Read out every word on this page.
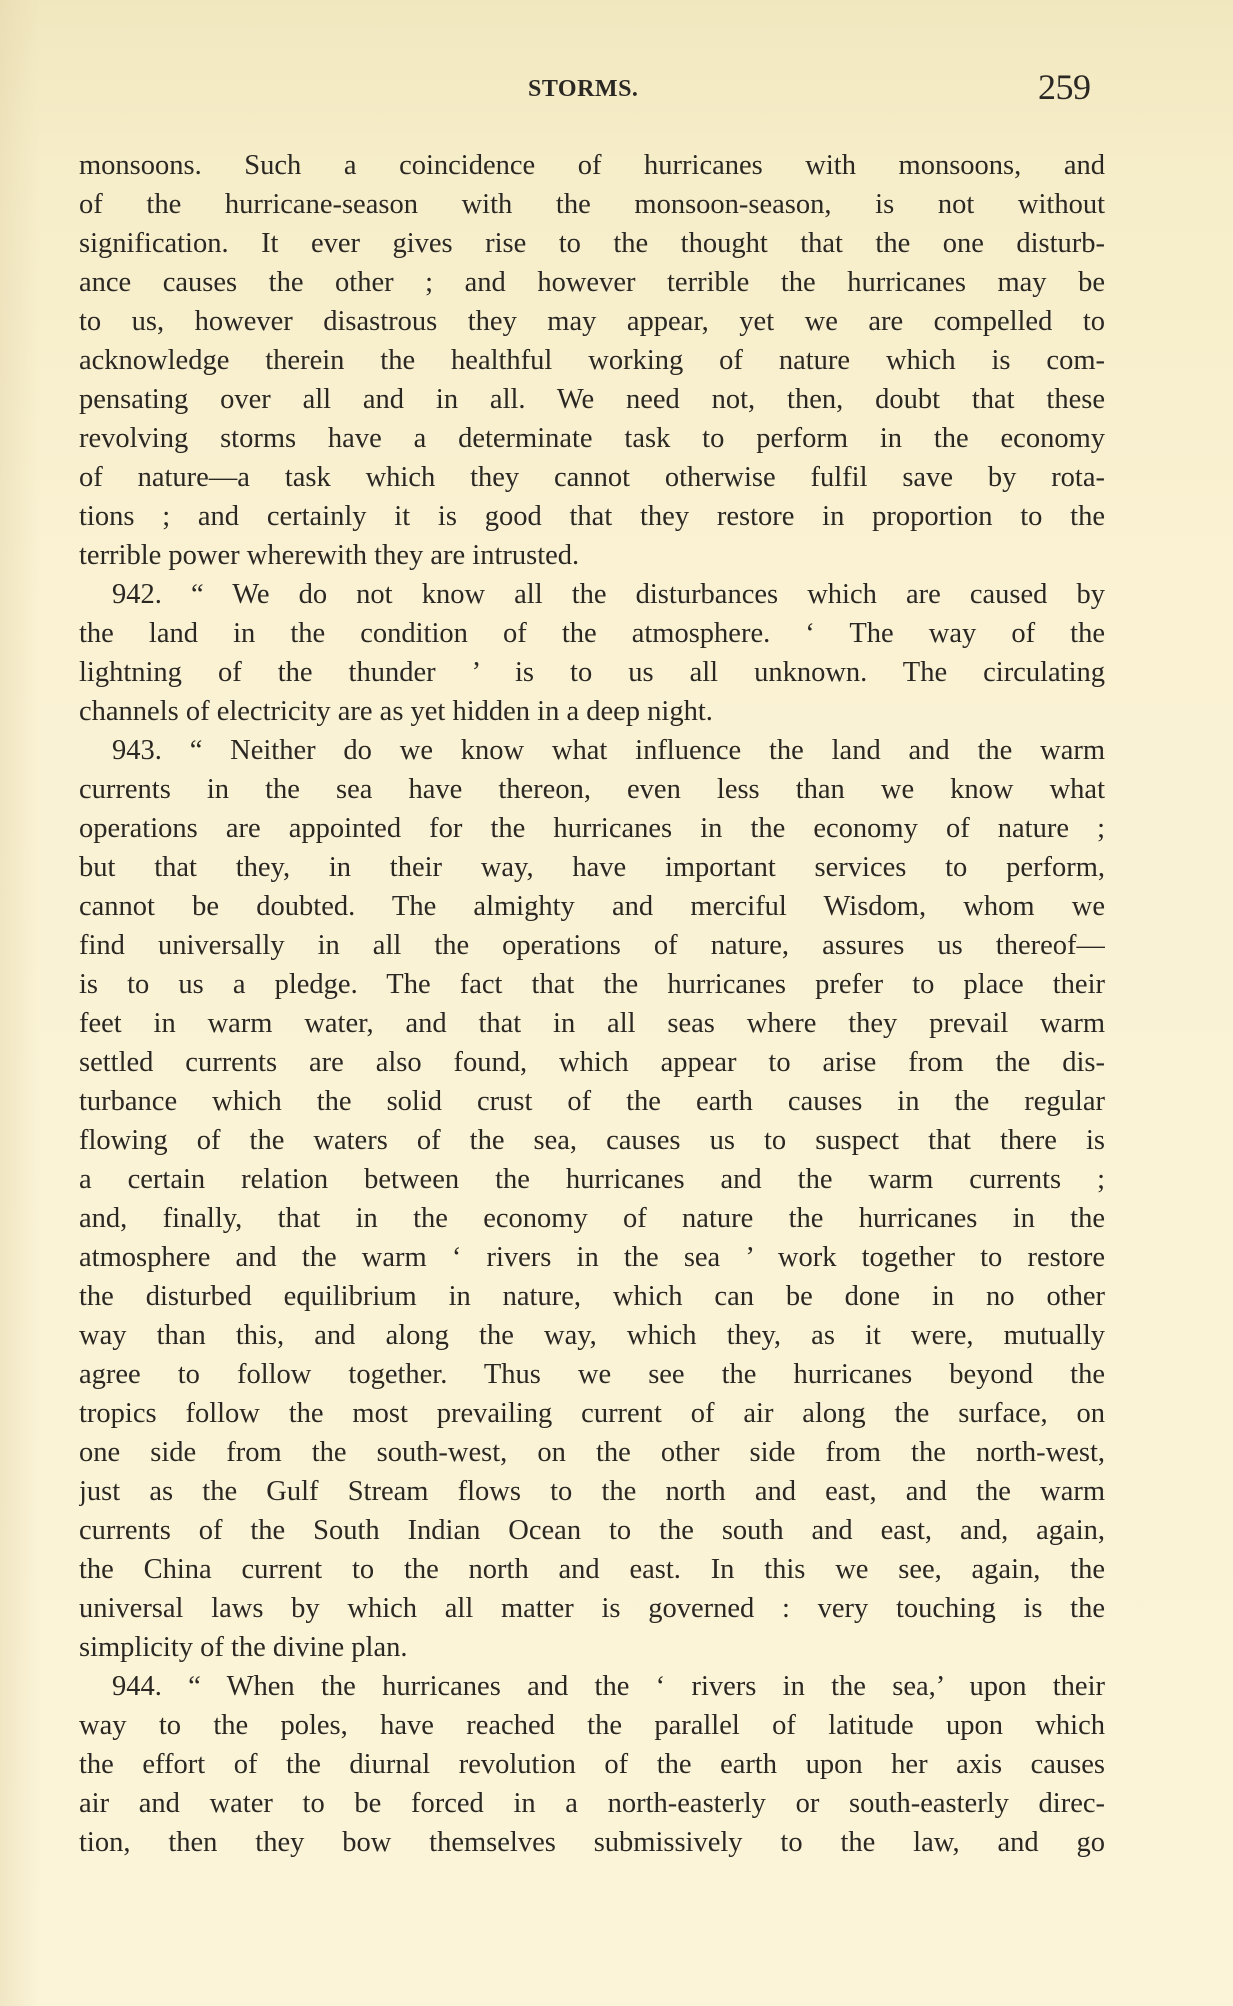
STORMS.	259
monsoons. Such a coincidence of hurricanes with monsoons, and
of the hurricane-season with the monsoon-season, is not without
signification. It ever gives rise to the thought that the one disturb-
ance causes the other ; and however terrible the hurricanes may be
to us, however disastrous they may appear, yet we are compelled to
acknowledge therein the healthful working of nature which is com-
pensating over all and in all. We need not, then, doubt that these
revolving storms have a determinate task to perform in the economy
of nature—a task which they cannot otherwise fulfil save by rota-
tions ; and certainly it is good that they restore in proportion to the
terrible power wherewith they are intrusted.
942. “ We do not know all the disturbances which are caused by
the land in the condition of the atmosphere. ‘ The way of the
lightning of the thunder ’ is to us all unknown. The circulating
channels of electricity are as yet hidden in a deep night.
943. “ Neither do we know what influence the land and the warm
currents in the sea have thereon, even less than we know what
operations are appointed for the hurricanes in the economy of nature ;
but that they, in their way, have important services to perform,
cannot be doubted. The almighty and merciful Wisdom, whom we
find universally in all the operations of nature, assures us thereof—
is to us a pledge. The fact that the hurricanes prefer to place their
feet in warm water, and that in all seas where they prevail warm
settled currents are also found, which appear to arise from the dis-
turbance which the solid crust of the earth causes in the regular
flowing of the waters of the sea, causes us to suspect that there is
a certain relation between the hurricanes and the warm currents ;
and, finally, that in the economy of nature the hurricanes in the
atmosphere and the warm ‘ rivers in the sea ’ work together to restore
the disturbed equilibrium in nature, which can be done in no other
way than this, and along the way, which they, as it were, mutually
agree to follow together. Thus we see the hurricanes beyond the
tropics follow the most prevailing current of air along the surface, on
one side from the south-west, on the other side from the north-west,
just as the Gulf Stream flows to the north and east, and the warm
currents of the South Indian Ocean to the south and east, and, again,
the China current to the north and east. In this we see, again, the
universal laws by which all matter is governed : very touching is the
simplicity of the divine plan.
944. “ When the hurricanes and the ‘ rivers in the sea,’ upon their
way to the poles, have reached the parallel of latitude upon which
the effort of the diurnal revolution of the earth upon her axis causes
air and water to be forced in a north-easterly or south-easterly direc-
tion, then they bow themselves submissively to the law, and go
